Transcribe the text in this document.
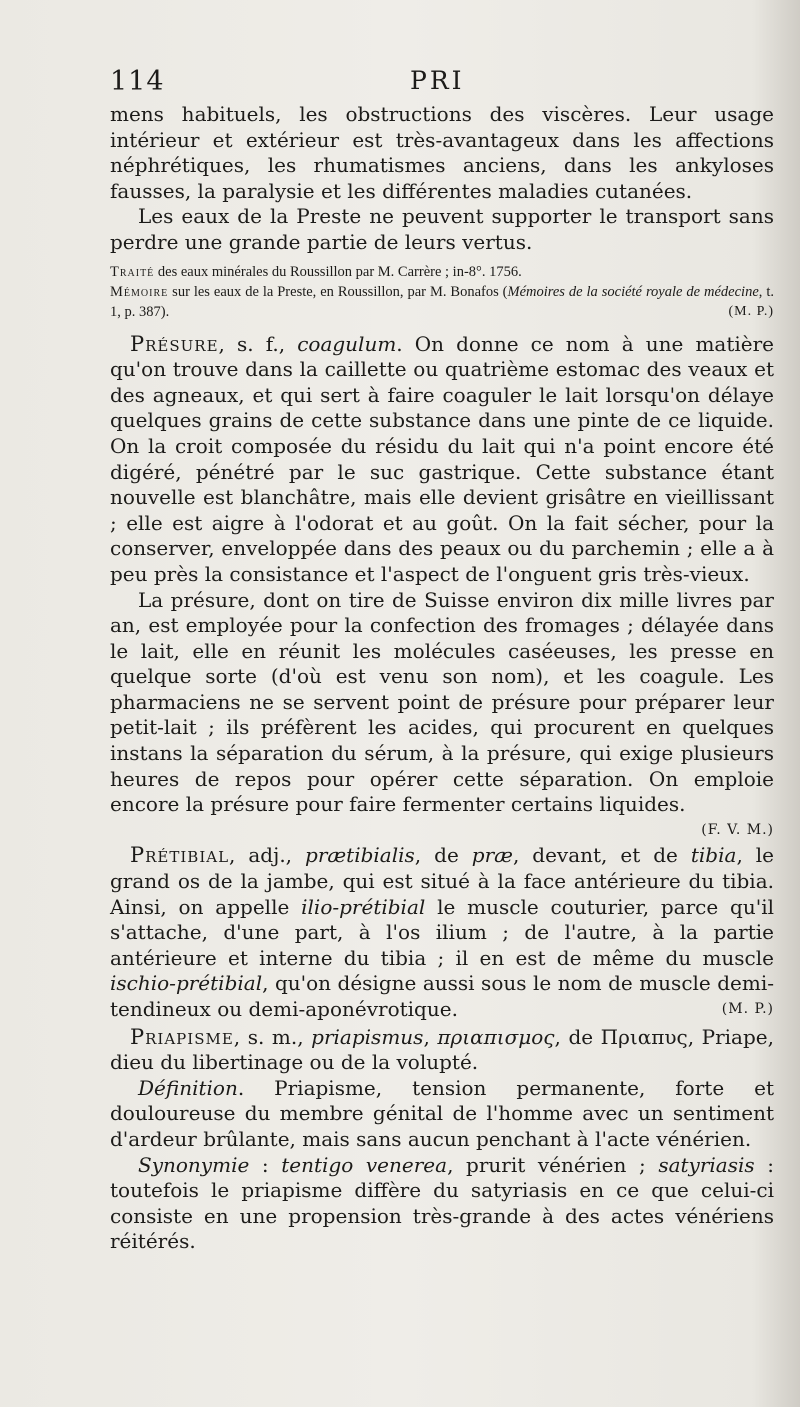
114	PRI

mens habituels, les obstructions des viscères. Leur usage intérieur et extérieur est très-avantageux dans les affections néphrétiques, les rhumatismes anciens, dans les ankyloses fausses, la paralysie et les différentes maladies cutanées.

Les eaux de la Preste ne peuvent supporter le transport sans perdre une grande partie de leurs vertus.

Traité des eaux minérales du Roussillon par M. Carrère ; in-8°. 1756.

Mémoire sur les eaux de la Preste, en Roussillon, par M. Bonafos (Mémoires de la société royale de médecine, t. 1, p. 387).	(M. P.)

Présure, s. f., coagulum. On donne ce nom à une matière qu'on trouve dans la caillette ou quatrième estomac des veaux et des agneaux, et qui sert à faire coaguler le lait lorsqu'on délaye quelques grains de cette substance dans une pinte de ce liquide. On la croit composée du résidu du lait qui n'a point encore été digéré, pénétré par le suc gastrique. Cette substance étant nouvelle est blanchâtre, mais elle devient grisâtre en vieillissant ; elle est aigre à l'odorat et au goût. On la fait sécher, pour la conserver, enveloppée dans des peaux ou du parchemin ; elle a à peu près la consistance et l'aspect de l'onguent gris très-vieux.

La présure, dont on tire de Suisse environ dix mille livres par an, est employée pour la confection des fromages ; délayée dans le lait, elle en réunit les molécules caséeuses, les presse en quelque sorte (d'où est venu son nom), et les coagule. Les pharmaciens ne se servent point de présure pour préparer leur petit-lait ; ils préfèrent les acides, qui procurent en quelques instans la séparation du sérum, à la présure, qui exige plusieurs heures de repos pour opérer cette séparation. On emploie encore la présure pour faire fermenter certains liquides.

(F. V. M.)

Prétibial, adj., prætibialis, de præ, devant, et de tibia, le grand os de la jambe, qui est situé à la face antérieure du tibia. Ainsi, on appelle ilio-prétibial le muscle couturier, parce qu'il s'attache, d'une part, à l'os ilium ; de l'autre, à la partie antérieure et interne du tibia ; il en est de même du muscle ischio-prétibial, qu'on désigne aussi sous le nom de muscle demi-tendineux ou demi-aponévrotique.	(M. P.)

Priapisme, s. m., priapismus, πριαπισμος, de Πριαπυς, Priape, dieu du libertinage ou de la volupté.

Définition. Priapisme, tension permanente, forte et douloureuse du membre génital de l'homme avec un sentiment d'ardeur brûlante, mais sans aucun penchant à l'acte vénérien.

Synonymie : tentigo venerea, prurit vénérien ; satyriasis : toutefois le priapisme diffère du satyriasis en ce que celui-ci consiste en une propension très-grande à des actes vénériens réitérés.
